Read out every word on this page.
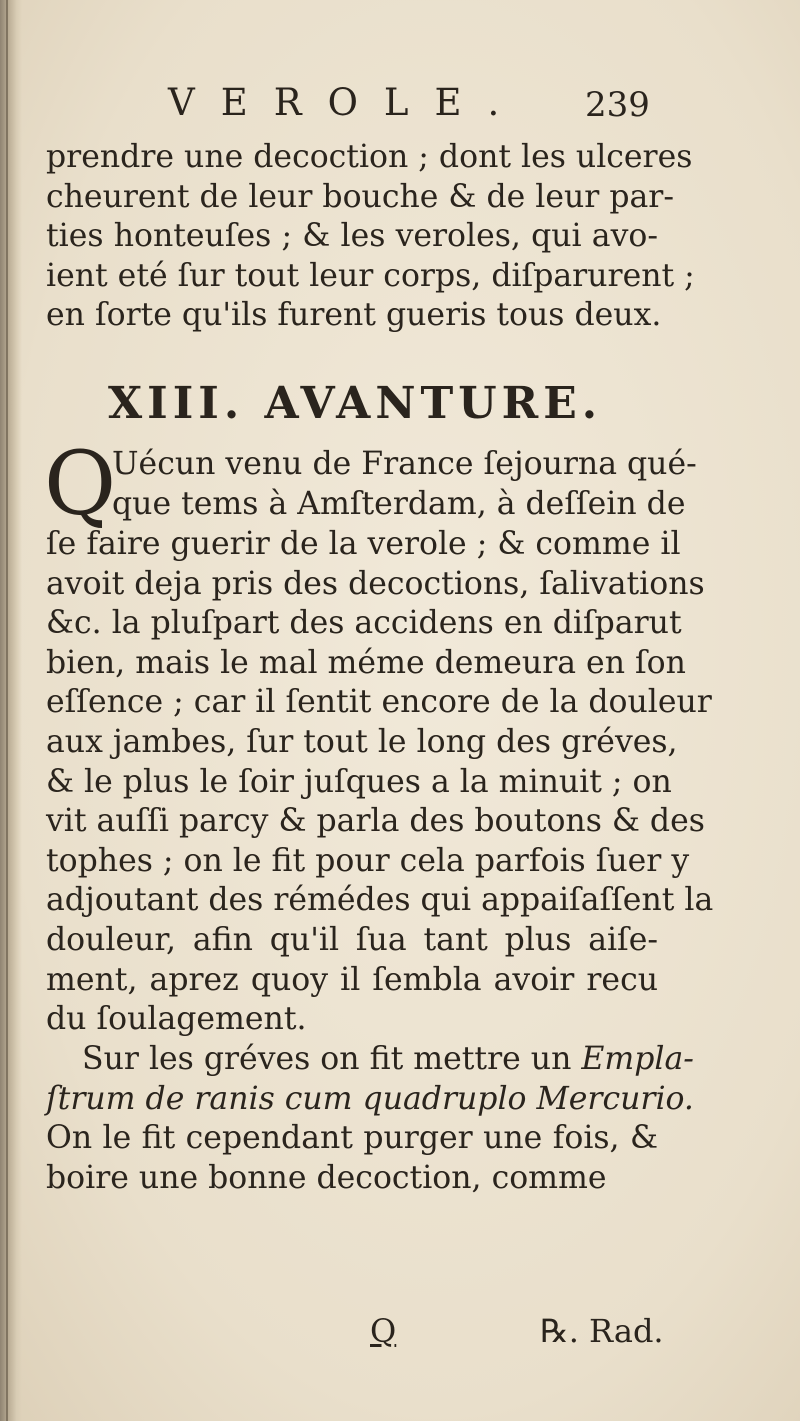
VEROLE. 239
prendre une decoction ; dont les ulceres
cheurent de leur bouche & de leur par-
ties honteuſes ; & les veroles, qui avo-
ient eté ſur tout leur corps, diſparurent ;
en ſorte qu'ils furent gueris tous deux.
XIII. AVANTURE.
Q
Uécun venu de France ſejourna qué-
que tems à Amſterdam, à deſſein de
ſe faire guerir de la verole ; & comme il
avoit deja pris des decoctions, ſalivations
&c. la pluſpart des accidens en diſparut
bien, mais le mal méme demeura en ſon
eſſence ; car il ſentit encore de la douleur
aux jambes, ſur tout le long des gréves,
& le plus le ſoir juſques a la minuit ; on
vit auſſi parcy & parla des boutons & des
tophes ; on le fit pour cela parfois ſuer y
adjoutant des rémédes qui appaiſaſſent la
douleur, afin qu'il ſua tant plus aiſe-
ment, aprez quoy il ſembla avoir recu
du ſoulagement.
Sur les gréves on fit mettre un Empla-
ſtrum de ranis cum quadruplo Mercurio.
On le fit cependant purger une fois, &
boire une bonne decoction, comme
Q	℞. Rad.
